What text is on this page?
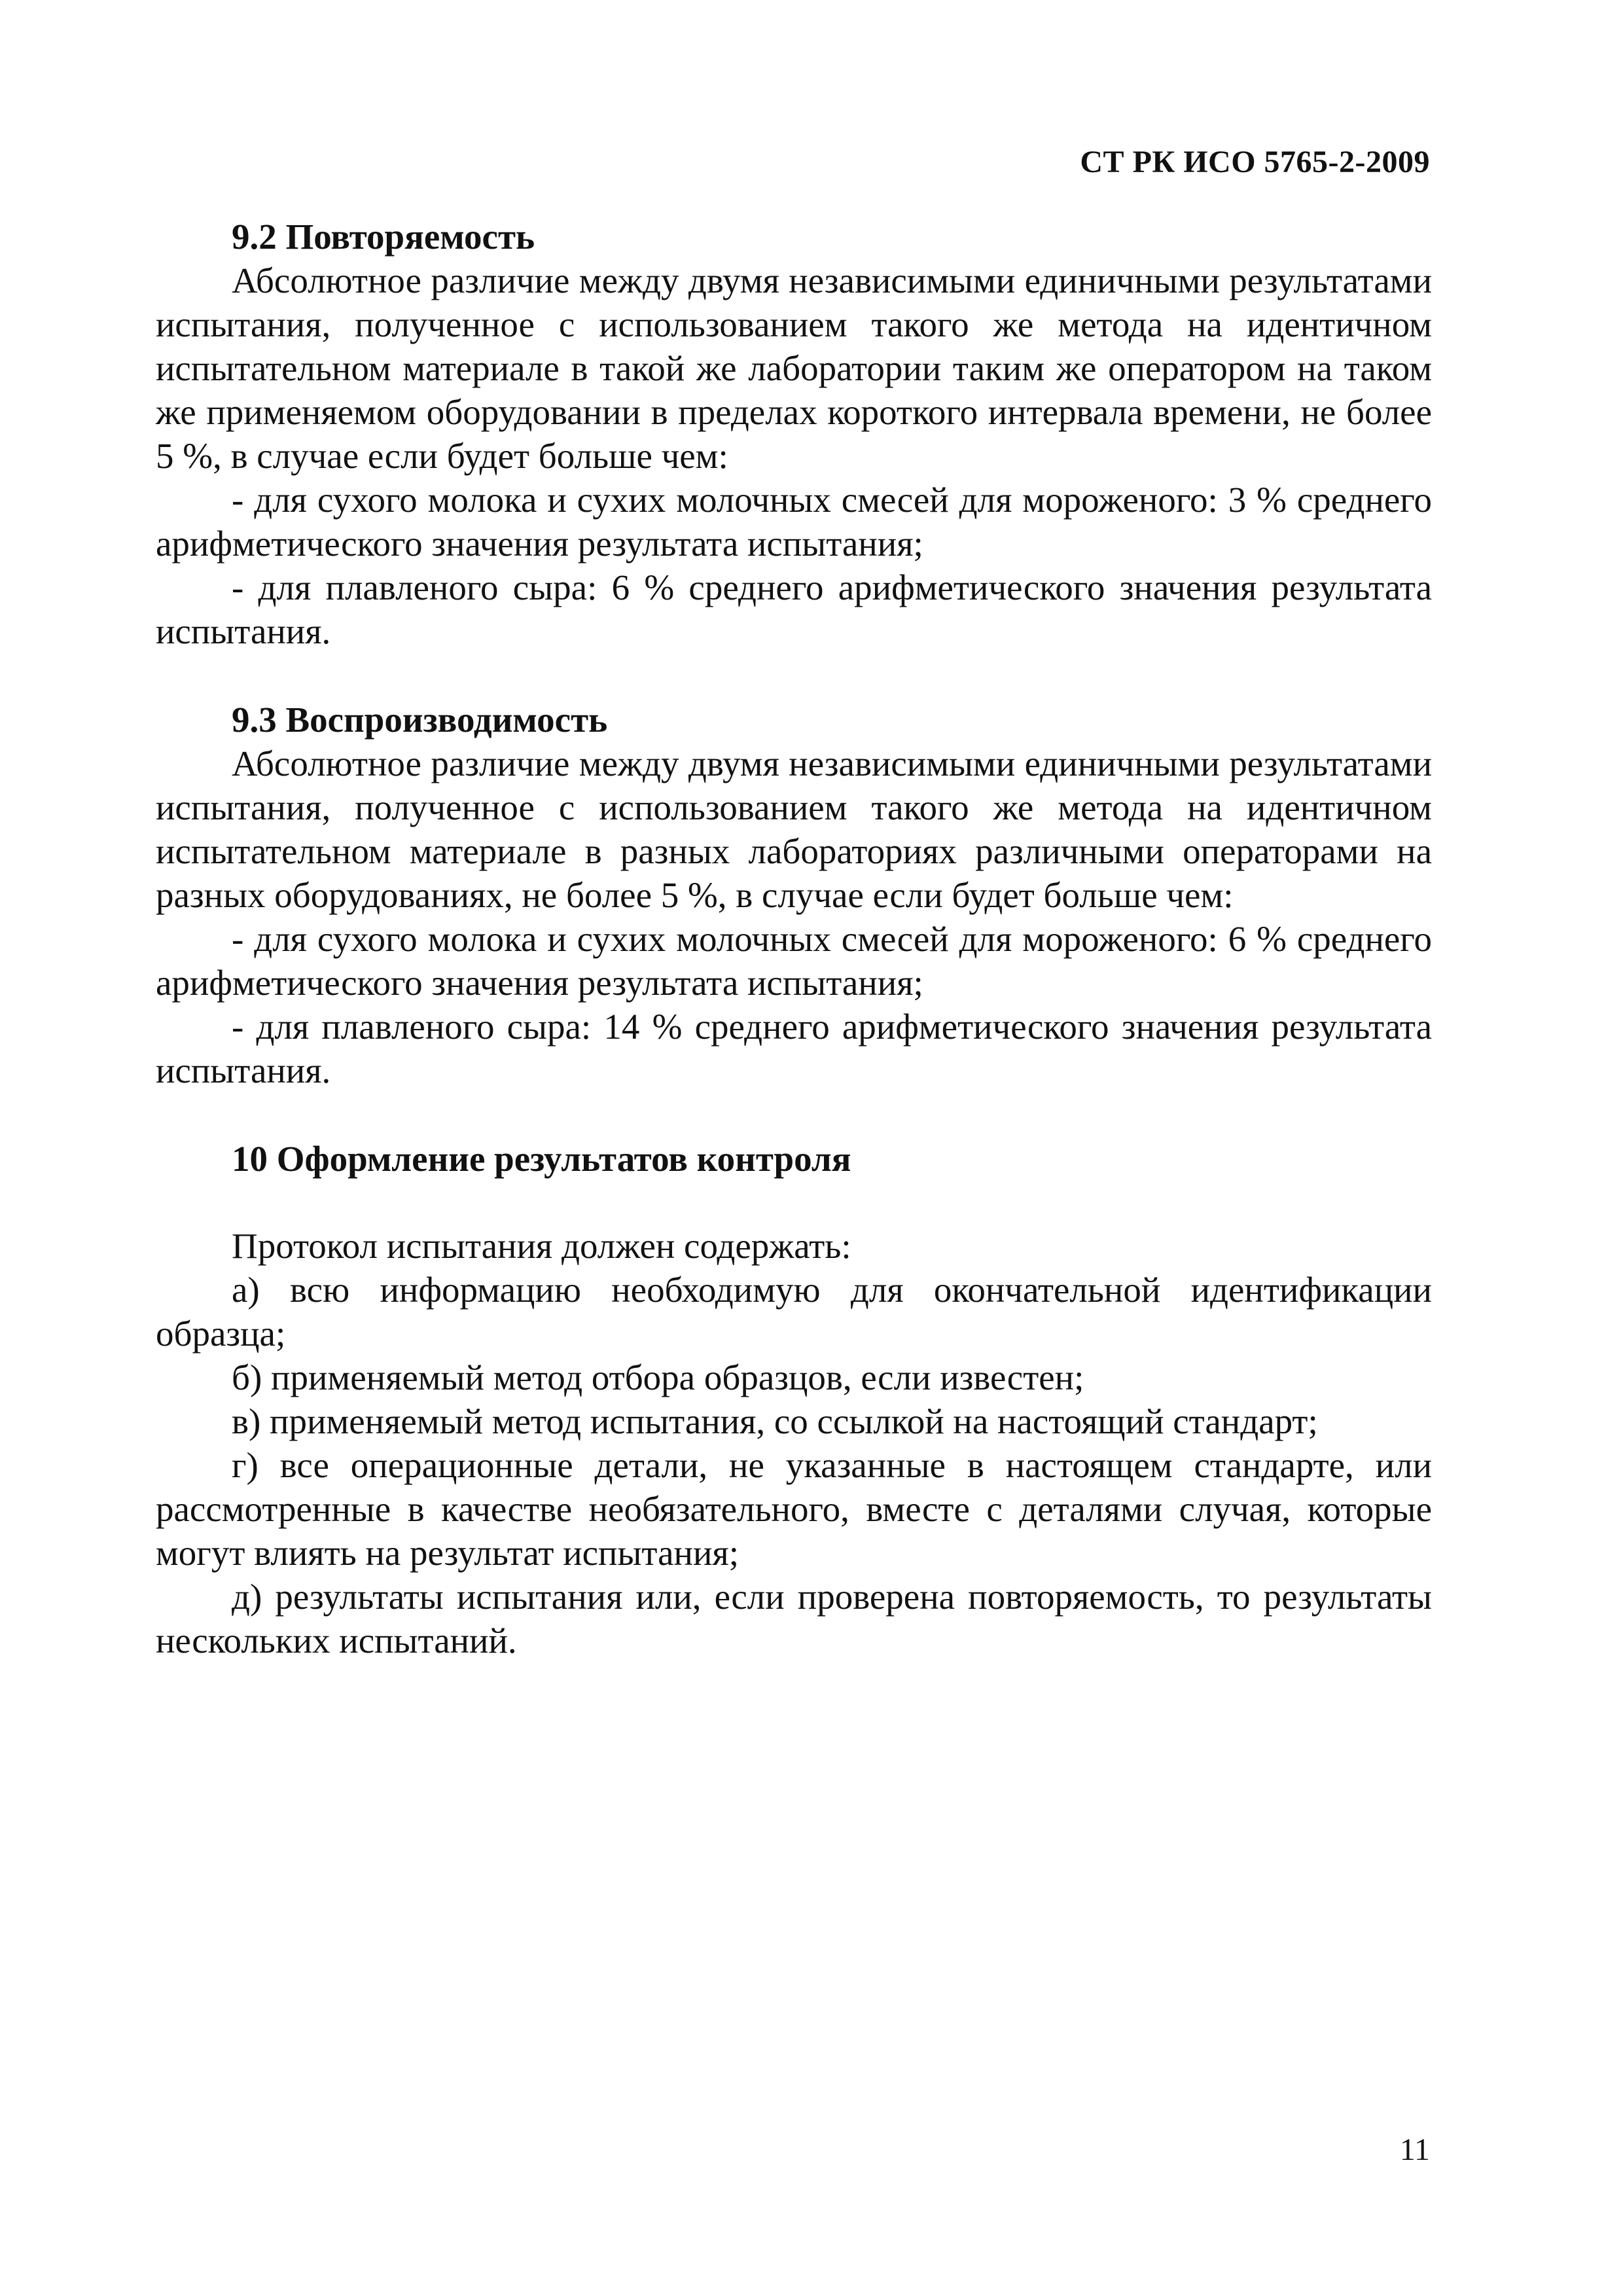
СТ РК ИСО 5765-2-2009

9.2 Повторяемость

Абсолютное различие между двумя независимыми единичными результатами испытания, полученное с использованием такого же метода на идентичном испытательном материале в такой же лаборатории таким же оператором на таком же применяемом оборудовании в пределах короткого интервала времени, не более 5 %, в случае если будет больше чем:

- для сухого молока и сухих молочных смесей для мороженого: 3 % среднего арифметического значения результата испытания;

- для плавленого сыра: 6 % среднего арифметического значения результата испытания.

9.3 Воспроизводимость

Абсолютное различие между двумя независимыми единичными результатами испытания, полученное с использованием такого же метода на идентичном испытательном материале в разных лабораториях различными операторами на разных оборудованиях, не более 5 %, в случае если будет больше чем:

- для сухого молока и сухих молочных смесей для мороженого: 6 % среднего арифметического значения результата испытания;

- для плавленого сыра: 14 % среднего арифметического значения результата испытания.

10 Оформление результатов контроля

Протокол испытания должен содержать:

а) всю информацию необходимую для окончательной идентификации образца;

б) применяемый метод отбора образцов, если известен;

в) применяемый метод испытания, со ссылкой на настоящий стандарт;

г) все операционные детали, не указанные в настоящем стандарте, или рассмотренные в качестве необязательного, вместе с деталями случая, которые могут влиять на результат испытания;

д) результаты испытания или, если проверена повторяемость, то результаты нескольких испытаний.

11
